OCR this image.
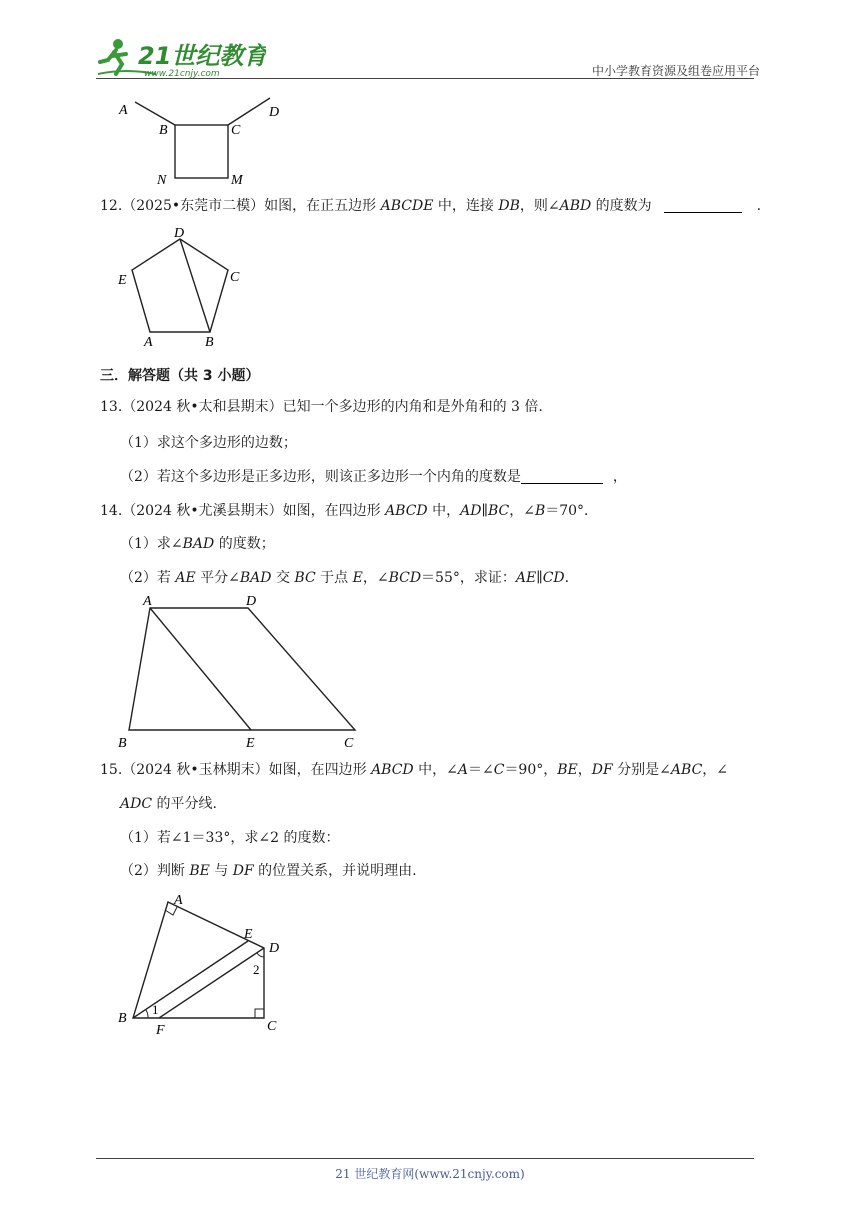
21世纪教育
www.21cnjy.com	中小学教育资源及组卷应用平台
A
B	C
D
N	M
12.（2025•东莞市二模）如图，在正五边形 ABCDE 中，连接 DB，则∠ABD 的度数为	.
D
E	C
A	B
三．解答题（共 3 小题）
13.（2024 秋•太和县期末）已知一个多边形的内角和是外角和的 3 倍.
（1）求这个多边形的边数；
（2）若这个多边形是正多边形，则该正多边形一个内角的度数是	，
14.（2024 秋•尤溪县期末）如图，在四边形 ABCD 中，AD∥BC，∠B＝70°．
（1）求∠BAD 的度数；
（2）若 AE 平分∠BAD 交 BC 于点 E，∠BCD＝55°，求证：AE∥CD.
A	D
B	E	C
15.（2024 秋•玉林期末）如图，在四边形 ABCD 中，∠A＝∠C＝90°，BE，DF 分别是∠ABC，∠
ADC 的平分线.
（1）若∠1＝33°，求∠2 的度数：
（2）判断 BE 与 DF 的位置关系，并说明理由.
A
E
D
B
F	C
1
2
21 世纪教育网(www.21cnjy.com)
